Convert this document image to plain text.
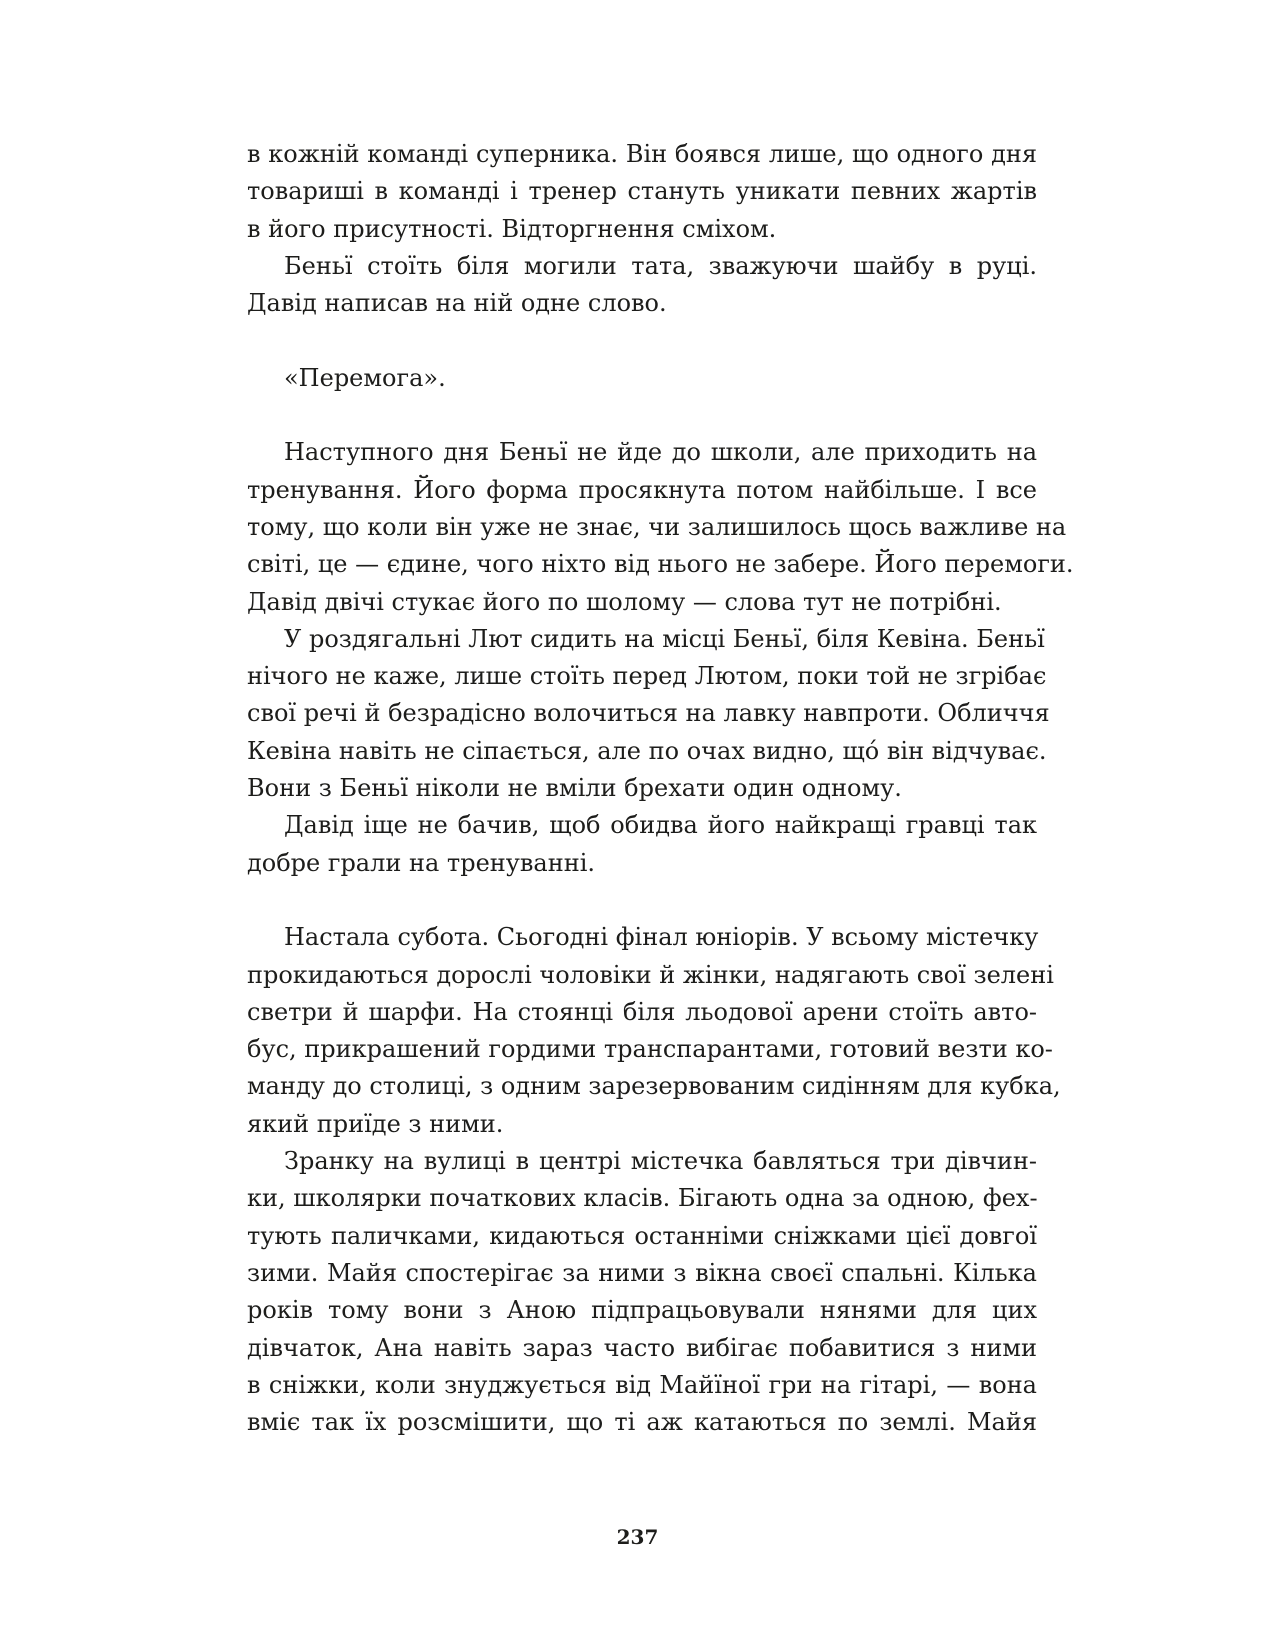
в кожній команді суперника. Він боявся лише, що одного дня
товариші в команді і тренер стануть уникати певних жартів
в його присутності. Відторгнення сміхом.

Беньї стоїть біля могили тата, зважуючи шайбу в руці.
Давід написав на ній одне слово.

«Перемога».

Наступного дня Беньї не йде до школи, але приходить на
тренування. Його форма просякнута потом найбільше. І все
тому, що коли він уже не знає, чи залишилось щось важливе на
світі, це — єдине, чого ніхто від нього не забере. Його перемоги.
Давід двічі стукає його по шолому — слова тут не потрібні.

У роздягальні Лют сидить на місці Беньї, біля Кевіна. Беньї
нічого не каже, лише стоїть перед Лютом, поки той не згрібає
свої речі й безрадісно волочиться на лавку навпроти. Обличчя
Кевіна навіть не сіпається, але по очах видно, щó він відчуває.
Вони з Беньї ніколи не вміли брехати один одному.

Давід іще не бачив, щоб обидва його найкращі гравці так
добре грали на тренуванні.

Настала субота. Сьогодні фінал юніорів. У всьому містечку
прокидаються дорослі чоловіки й жінки, надягають свої зелені
светри й шарфи. На стоянці біля льодової арени стоїть авто-
бус, прикрашений гордими транспарантами, готовий везти ко-
манду до столиці, з одним зарезервованим сидінням для кубка,
який приїде з ними.

Зранку на вулиці в центрі містечка бавляться три дівчин-
ки, школярки початкових класів. Бігають одна за одною, фех-
тують паличками, кидаються останніми сніжками цієї довгої
зими. Майя спостерігає за ними з вікна своєї спальні. Кілька
років тому вони з Аною підпрацьовували нянями для цих
дівчаток, Ана навіть зараз часто вибігає побавитися з ними
в сніжки, коли знуджується від Майїної гри на гітарі, — вона
вміє так їх розсмішити, що ті аж катаються по землі. Майя

237
